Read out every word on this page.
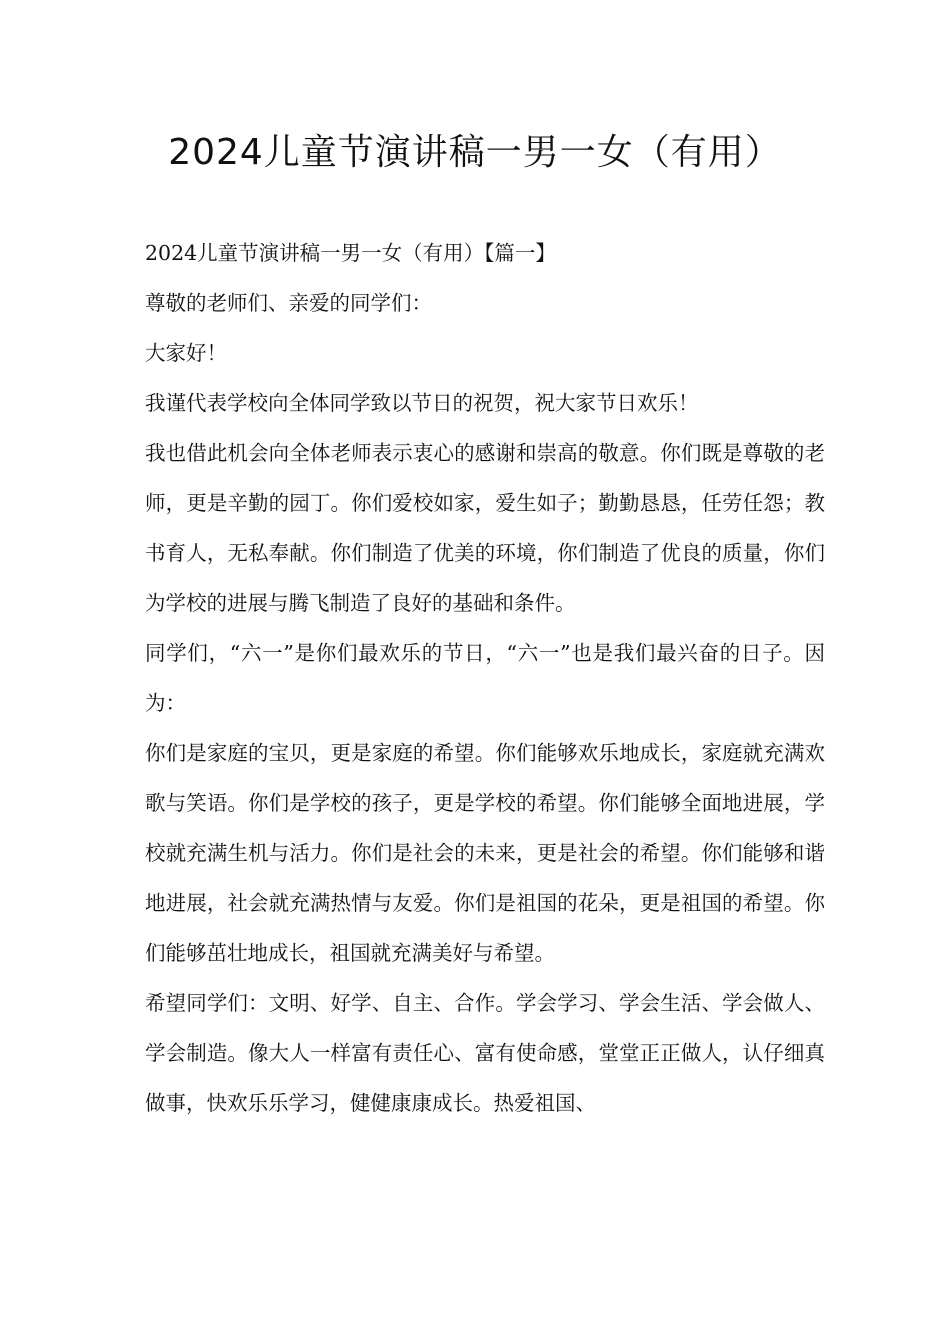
2024儿童节演讲稿一男一女（有用）

2024儿童节演讲稿一男一女（有用）【篇一】

尊敬的老师们、亲爱的同学们：

大家好！

我谨代表学校向全体同学致以节日的祝贺，祝大家节日欢乐！

我也借此机会向全体老师表示衷心的感谢和崇高的敬意。你们既是尊敬的老师，更是辛勤的园丁。你们爱校如家，爱生如子；勤勤恳恳，任劳任怨；教书育人，无私奉献。你们制造了优美的环境，你们制造了优良的质量，你们为学校的进展与腾飞制造了良好的基础和条件。

同学们，“六一”是你们最欢乐的节日，“六一”也是我们最兴奋的日子。因为：

你们是家庭的宝贝，更是家庭的希望。你们能够欢乐地成长，家庭就充满欢歌与笑语。你们是学校的孩子，更是学校的希望。你们能够全面地进展，学校就充满生机与活力。你们是社会的未来，更是社会的希望。你们能够和谐地进展，社会就充满热情与友爱。你们是祖国的花朵，更是祖国的希望。你们能够茁壮地成长，祖国就充满美好与希望。

希望同学们：文明、好学、自主、合作。学会学习、学会生活、学会做人、学会制造。像大人一样富有责任心、富有使命感，堂堂正正做人，认仔细真做事，快欢乐乐学习，健健康康成长。热爱祖国、
